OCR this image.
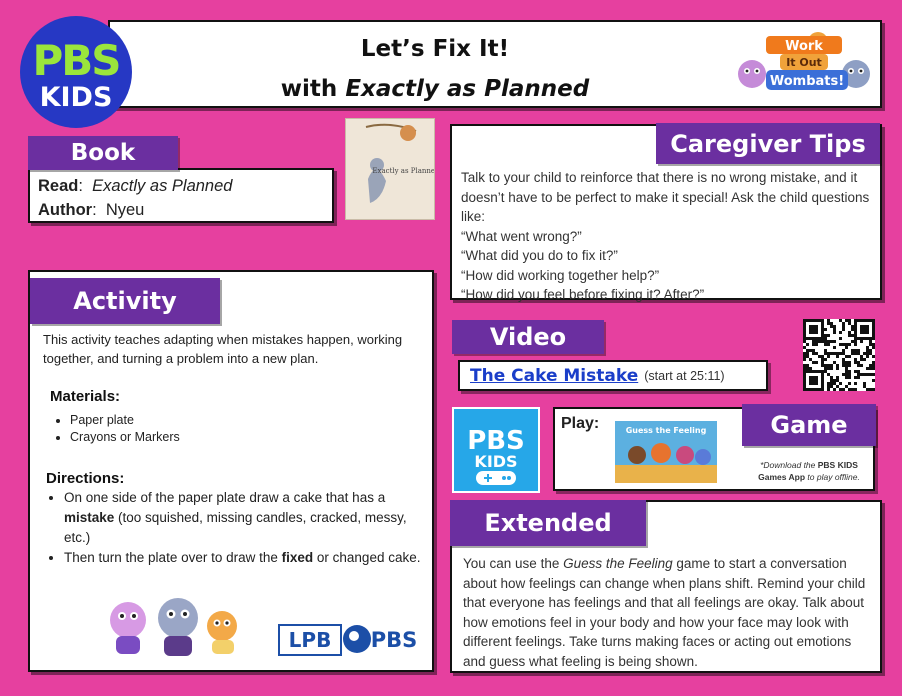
Let’s Fix It!
with Exactly as Planned
PBS
KIDS
Work
It Out
Wombats!
Read:  Exactly as Planned
Author:  Nyeu
Book
Exactly as Planned Talk to your child to reinforce that there is no wrong mistake, and it doesn’t have to be perfect to make it special! Ask the child questions like:
“What went wrong?”
“What did you do to fix it?”
“How did working together help?”
“How did you feel before fixing it? After?”
Caregiver Tips
This activity teaches adapting when mistakes happen, working together, and turning a problem into a new plan.
Materials:
• Paper plate
• Crayons or Markers
Directions:
• On one side of the paper plate draw a cake that has a mistake (too squished, missing candles, cracked, messy, etc.)
• Then turn the plate over to draw the fixed or changed cake.
Activity
LPB	PBS
Video
The Cake Mistake (start at 25:11)
PBS
KIDS
Play:	Guess the Feeling
*Download the PBS KIDS Games App to play offline.
Game
You can use the Guess the Feeling game to start a conversation about how feelings can change when plans shift. Remind your child that everyone has feelings and that all feelings are okay. Talk about how emotions feel in your body and how your face may look with different feelings. Take turns making faces or acting out emotions and guess what feeling is being shown.
Extended
